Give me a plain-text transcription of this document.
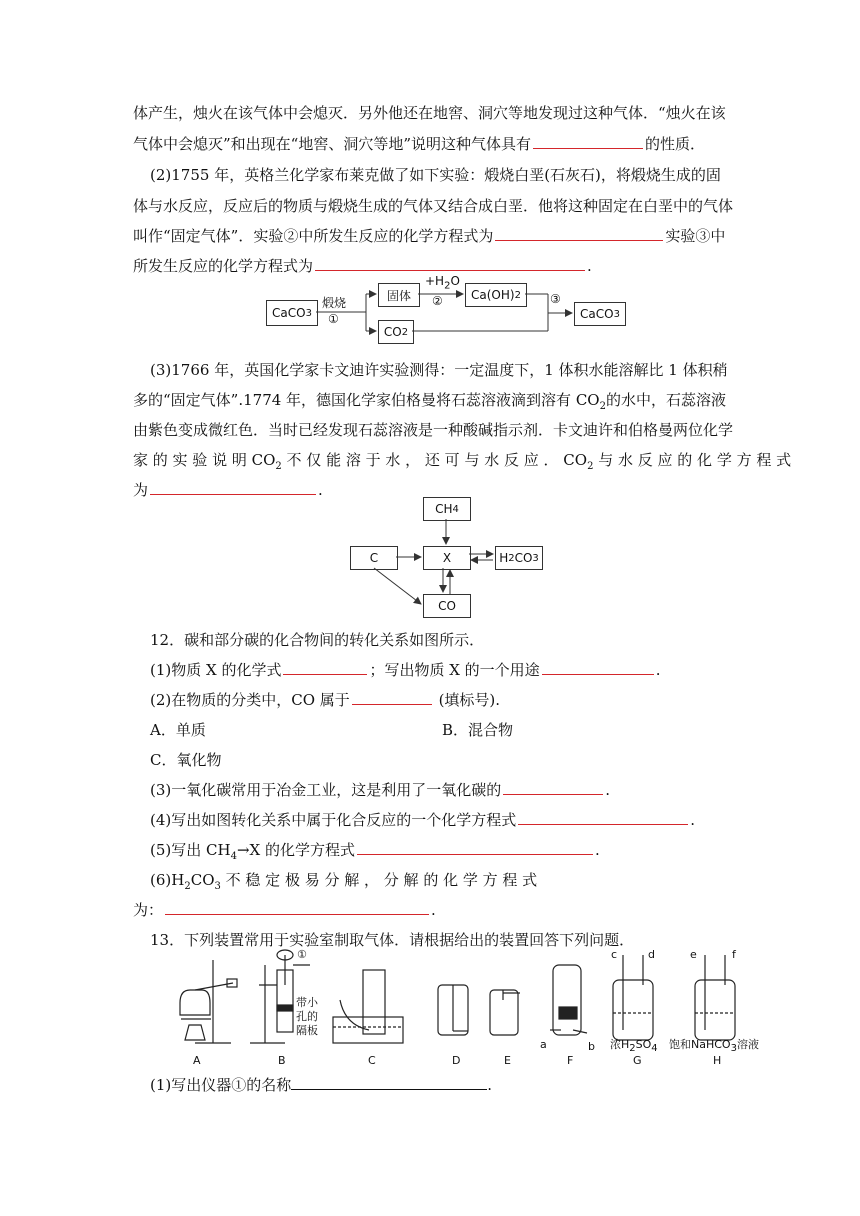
体产生，烛火在该气体中会熄灭．另外他还在地窖、洞穴等地发现过这种气体．“烛火在该
气体中会熄灭”和出现在“地窖、洞穴等地”说明这种气体具有	的性质．
(2)1755 年，英格兰化学家布莱克做了如下实验：煅烧白垩(石灰石)，将煅烧生成的固
体与水反应，反应后的物质与煅烧生成的气体又结合成白垩．他将这种固定在白垩中的气体
叫作“固定气体”．实验②中所发生反应的化学方程式为	实验③中
所发生反应的化学方程式为	.
CaCO 3
煅烧
①
固体
$+H_2O$
② Ca(OH) 2 ③
CaCO 3
CO 2
(3)1766 年，英国化学家卡文迪许实验测得：一定温度下，1 体积水能溶解比 1 体积稍
多的“固定气体”.1774 年，德国化学家伯格曼将石蕊溶液滴到溶有 $CO_2$的水中，石蕊溶液
由紫色变成微红色．当时已经发现石蕊溶液是一种酸碱指示剂．卡文迪许和伯格曼两位化学
家 的 实 验 说 明 $CO_2$ 不 仅 能 溶 于 水 ， 还 可 与 水 反 应 ． $CO_2$ 与 水 反 应 的 化 学 方 程 式
为	.
CH 4
C	X	H 2 CO 3
CO
12．碳和部分碳的化合物间的转化关系如图所示．
(1)物质 X 的化学式	；写出物质 X 的一个用途	.
(2)在物质的分类中，CO 属于	(填标号).
A．单质	B．混合物
C．氧化物
(3)一氧化碳常用于冶金工业，这是利用了一氧化碳的	.
(4)写出如图转化关系中属于化合反应的一个化学方程式	.
(5)写出 $CH_4\to X$ 的化学方程式	.
$(6)H_2CO_3$ 不 稳 定 极 易 分 解 ， 分 解 的 化 学 方 程 式
为：	.
13．下列装置常用于实验室制取气体．请根据给出的装置回答下列问题．
A	B	C	D	E	F	G	H
①
带小
孔的
隔板
a	b
c	d	e	f
浓$H_2SO_4$ 饱和NaHCO$_3$溶液
(1)写出仪器①的名称	.
